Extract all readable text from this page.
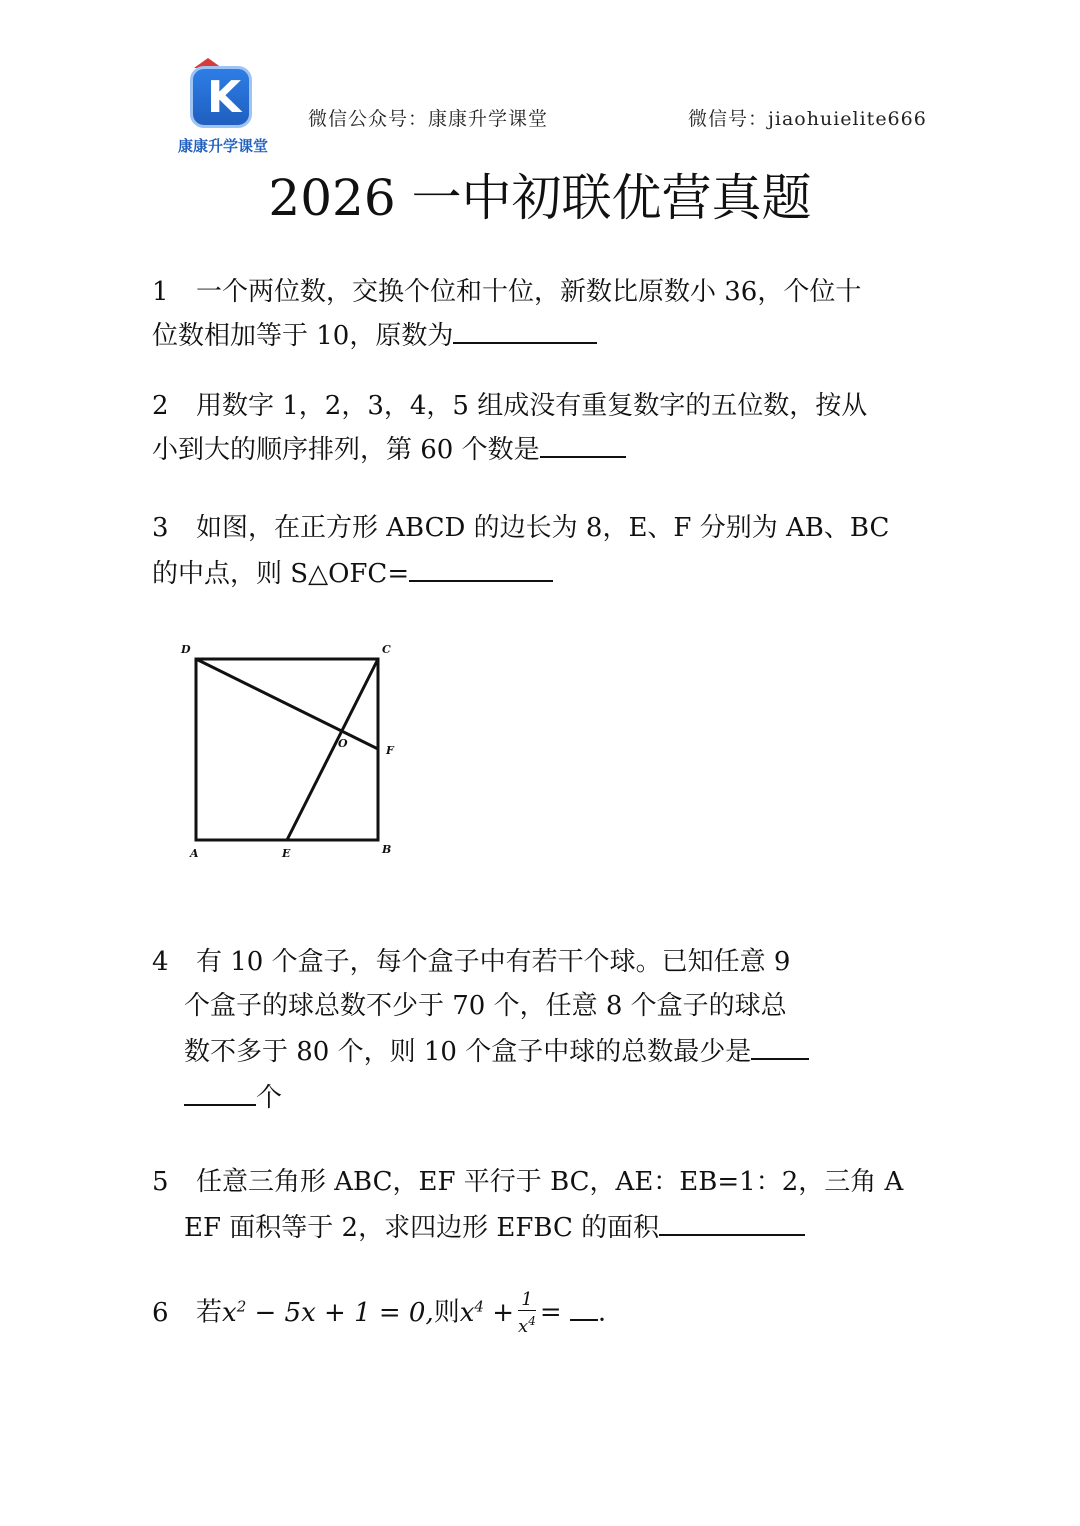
K
康康升学课堂
微信公众号：康康升学课堂	微信号：jiaohuielite666
2026 一中初联优营真题
1 一个两位数，交换个位和十位，新数比原数小 36，个位十
位数相加等于 10，原数为
2 用数字 1，2，3，4，5 组成没有重复数字的五位数，按从
小到大的顺序排列，第 60 个数是
3 如图，在正方形 ABCD 的边长为 8，E、F 分别为 AB、BC
的中点，则 S△OFC=
D	C
F
O
A	E	B
4 有 10 个盒子，每个盒子中有若干个球。已知任意 9
个盒子的球总数不少于 70 个，任意 8 个盒子的球总
数不多于 80 个，则 10 个盒子中球的总数最少是
个
5 任意三角形 ABC，EF 平行于 BC，AE：EB=1：2，三角 A
EF 面积等于 2，求四边形 EFBC 的面积
6 若$x^2 - 5x + 1 = 0$,则$x^4 + \frac{1}{x^4}$ = .
